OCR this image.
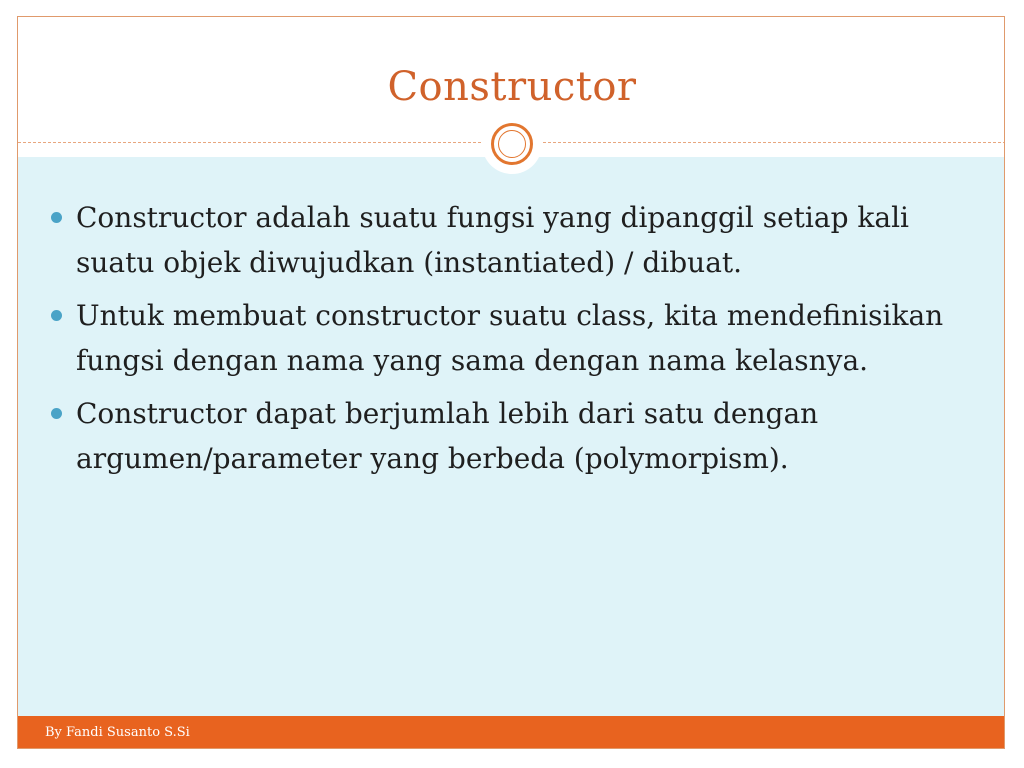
Constructor
Constructor adalah suatu fungsi yang dipanggil setiap kali suatu objek diwujudkan (instantiated) / dibuat.
Untuk membuat constructor suatu class, kita mendefinisikan fungsi dengan nama yang sama dengan nama kelasnya.
Constructor dapat berjumlah lebih dari satu dengan argumen/parameter yang berbeda (polymorpism).
By Fandi Susanto S.Si
